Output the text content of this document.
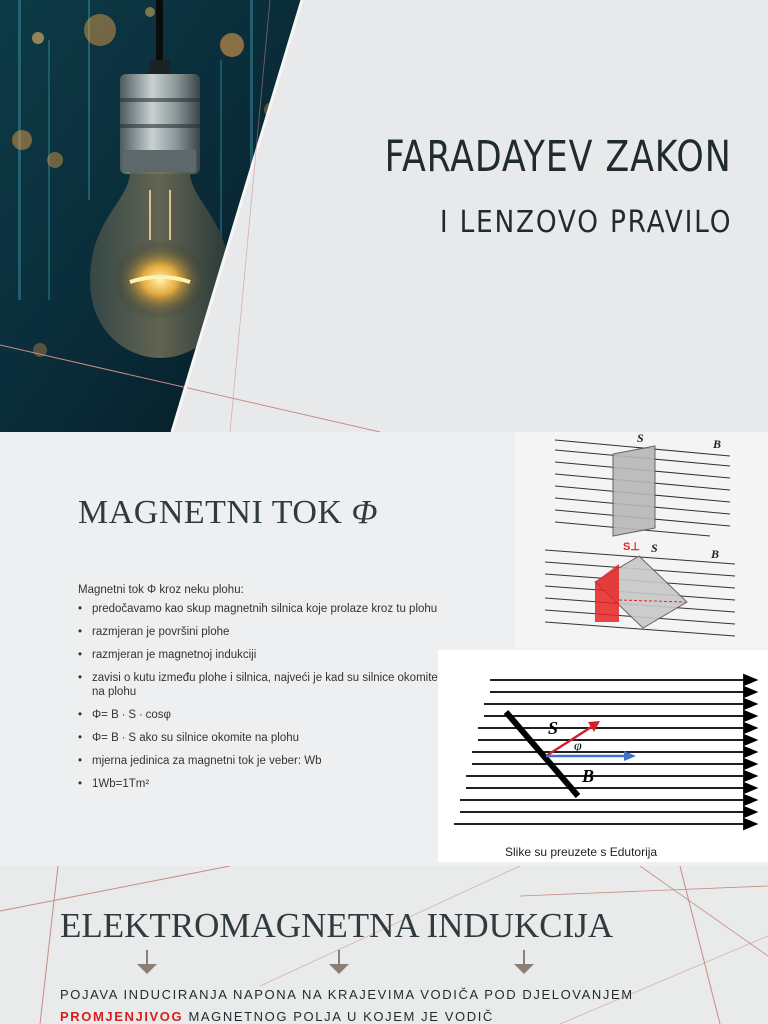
FARADAYEV ZAKON
I LENZOVO PRAVILO
MAGNETNI TOK Φ
Magnetni tok Φ kroz neku plohu:
• predočavamo kao skup magnetnih silnica koje prolaze kroz tu plohu
• razmjeran je površini plohe
• razmjeran je magnetnoj indukciji
• zavisi o kutu između plohe i silnica, najveći je kad su silnice okomite na plohu
• Φ= B ∙ S ∙ cosφ
• Φ= B ∙ S ako su silnice okomite na plohu
• mjerna jedinica za magnetni tok je veber: Wb
• 1Wb=1Tm²
S	B
S⊥ S	B
S
φ
B
Slike su preuzete s Edutorija
ELEKTROMAGNETNA INDUKCIJA
POJAVA INDUCIRANJA NAPONA NA KRAJEVIMA VODIČA POD DJELOVANJEM
PROMJENJIVOG MAGNETNOG POLJA U KOJEM JE VODIČ
